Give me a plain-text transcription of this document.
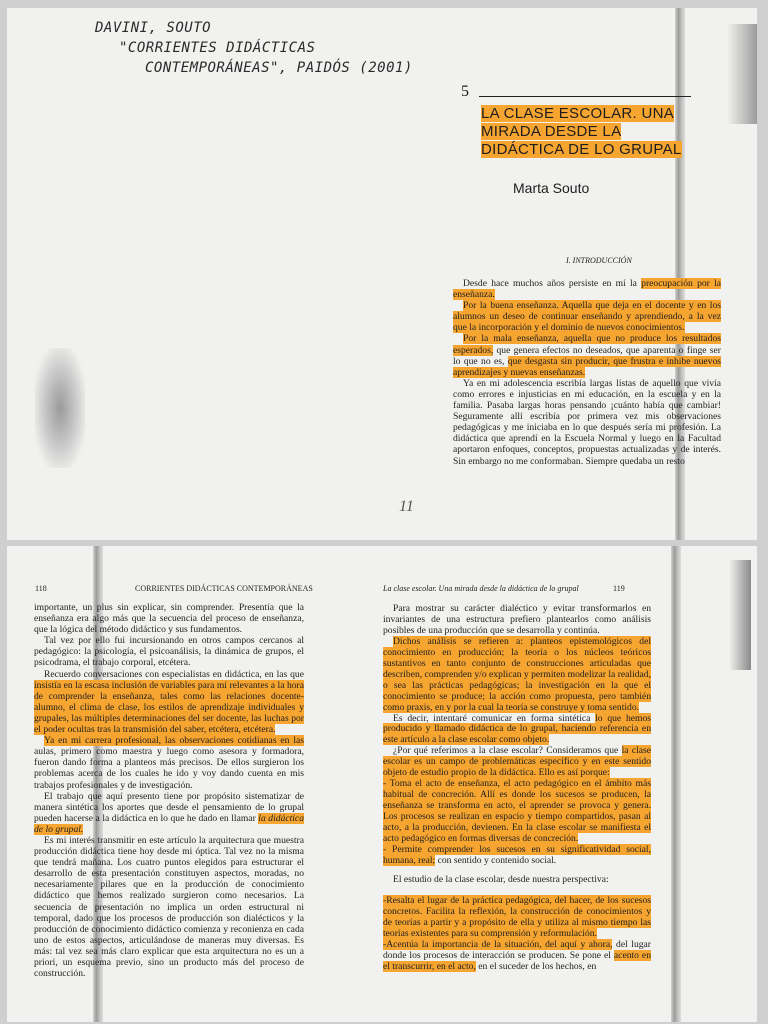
DAVINI, SOUTO
"CORRIENTES DIDÁCTICAS
CONTEMPORÁNEAS", PAIDÓS (2001)
5
LA CLASE ESCOLAR. UNA
MIRADA DESDE LA
DIDÁCTICA DE LO GRUPAL
Marta Souto
I. INTRODUCCIÓN

Desde hace muchos años persiste en mí la preocupación por la enseñanza.

Por la buena enseñanza. Aquella que deja en el docente y en los alumnos un deseo de continuar enseñando y aprendiendo, a la vez que la incorporación y el dominio de nuevos conocimientos.

Por la mala enseñanza, aquella que no produce los resultados esperados, que genera efectos no deseados, que aparenta o finge ser lo que no es, que desgasta sin producir, que frustra e inhibe nuevos aprendizajes y nuevas enseñanzas.

Ya en mi adolescencia escribía largas listas de aquello que vivía como errores e injusticias en mi educación, en la escuela y en la familia. Pasaba largas horas pensando ¡cuánto había que cambiar! Seguramente allí escribía por primera vez mis observaciones pedagógicas y me iniciaba en lo que después sería mi profesión. La didáctica que aprendí en la Escuela Normal y luego en la Facultad aportaron enfoques, conceptos, propuestas actualizadas y de interés. Sin embargo no me conformaban. Siempre quedaba un resto

11
118	CORRIENTES DIDÁCTICAS CONTEMPORÁNEAS

importante, un plus sin explicar, sin comprender. Presentía que la enseñanza era algo más que la secuencia del proceso de enseñanza, que la lógica del método didáctico y sus fundamentos.

Tal vez por ello fui incursionando en otros campos cercanos al pedagógico: la psicología, el psicoanálisis, la dinámica de grupos, el psicodrama, el trabajo corporal, etcétera.

Recuerdo conversaciones con especialistas en didáctica, en las que insistía en la escasa inclusión de variables para mí relevantes a la hora de comprender la enseñanza, tales como las relaciones docente-alumno, el clima de clase, los estilos de aprendizaje individuales y grupales, las múltiples determinaciones del ser docente, las luchas por el poder ocultas tras la transmisión del saber, etcétera, etcétera.

Ya en mi carrera profesional, las observaciones cotidianas en las aulas, primero como maestra y luego como asesora y formadora, fueron dando forma a planteos más precisos. De ellos surgieron los problemas acerca de los cuales he ido y voy dando cuenta en mis trabajos profesionales y de investigación.

El trabajo que aquí presento tiene por propósito sistematizar de manera sintética los aportes que desde el pensamiento de lo grupal pueden hacerse a la didáctica en lo que he dado en llamar la didáctica de lo grupal.

Es mi interés transmitir en este artículo la arquitectura que muestra producción didáctica tiene hoy desde mi óptica. Tal vez no la misma que tendrá mañana. Los cuatro puntos elegidos para estructurar el desarrollo de esta presentación constituyen aspectos, moradas, no necesariamente pilares que en la producción de conocimiento didáctico que hemos realizado surgieron como necesarios. La secuencia de presentación no implica un orden estructural ni temporal, dado que los procesos de producción son dialécticos y la producción de conocimiento didáctico comienza y reconienza en cada uno de estos aspectos, articulándose de maneras muy diversas. Es más: tal vez sea más claro explicar que esta arquitectura no es un a priori, un esquema previo, sino un producto más del proceso de construcción.

La clase escolar. Una mirada desde la didáctica de lo grupal	119

Para mostrar su carácter dialéctico y evitar transformarlos en invariantes de una estructura prefiero plantearlos como análisis posibles de una producción que se desarrolla y continúa.

Dichos análisis se refieren a: planteos epistemológicos del conocimiento en producción; la teoría o los núcleos teóricos sustantivos en tanto conjunto de construcciones articuladas que describen, comprenden y/o explican y permiten modelizar la realidad, o sea las prácticas pedagógicas; la investigación en la que el conocimiento se produce; la acción como propuesta, pero también como praxis, en y por la cual la teoría se construye y toma sentido.

Es decir, intentaré comunicar en forma sintética lo que hemos producido y llamado didáctica de lo grupal, haciendo referencia en este artículo a la clase escolar como objeto.

¿Por qué referimos a la clase escolar? Consideramos que la clase escolar es un campo de problemáticas específico y en este sentido objeto de estudio propio de la didáctica. Ello es así porque:

- Toma el acto de enseñanza, el acto pedagógico en el ámbito más habitual de concreción. Allí es donde los sucesos se producen, la enseñanza se transforma en acto, el aprender se provoca y genera. Los procesos se realizan en espacio y tiempo compartidos, pasan al acto, a la producción, devienen. En la clase escolar se manifiesta el acto pedagógico en formas diversas de concreción.

- Permite comprender los sucesos en su significatividad social, humana, real; con sentido y contenido social.

El estudio de la clase escolar, desde nuestra perspectiva:

-Resalta el lugar de la práctica pedagógica, del hacer, de los sucesos concretos. Facilita la reflexión, la construcción de conocimientos y de teorías a partir y a propósito de ella y utiliza al mismo tiempo las teorías existentes para su comprensión y reformulación.

-Acentúa la importancia de la situación, del aquí y ahora, del lugar donde los procesos de interacción se producen. Se pone el acento en el transcurrir, en el acto, en el suceder de los hechos, en
